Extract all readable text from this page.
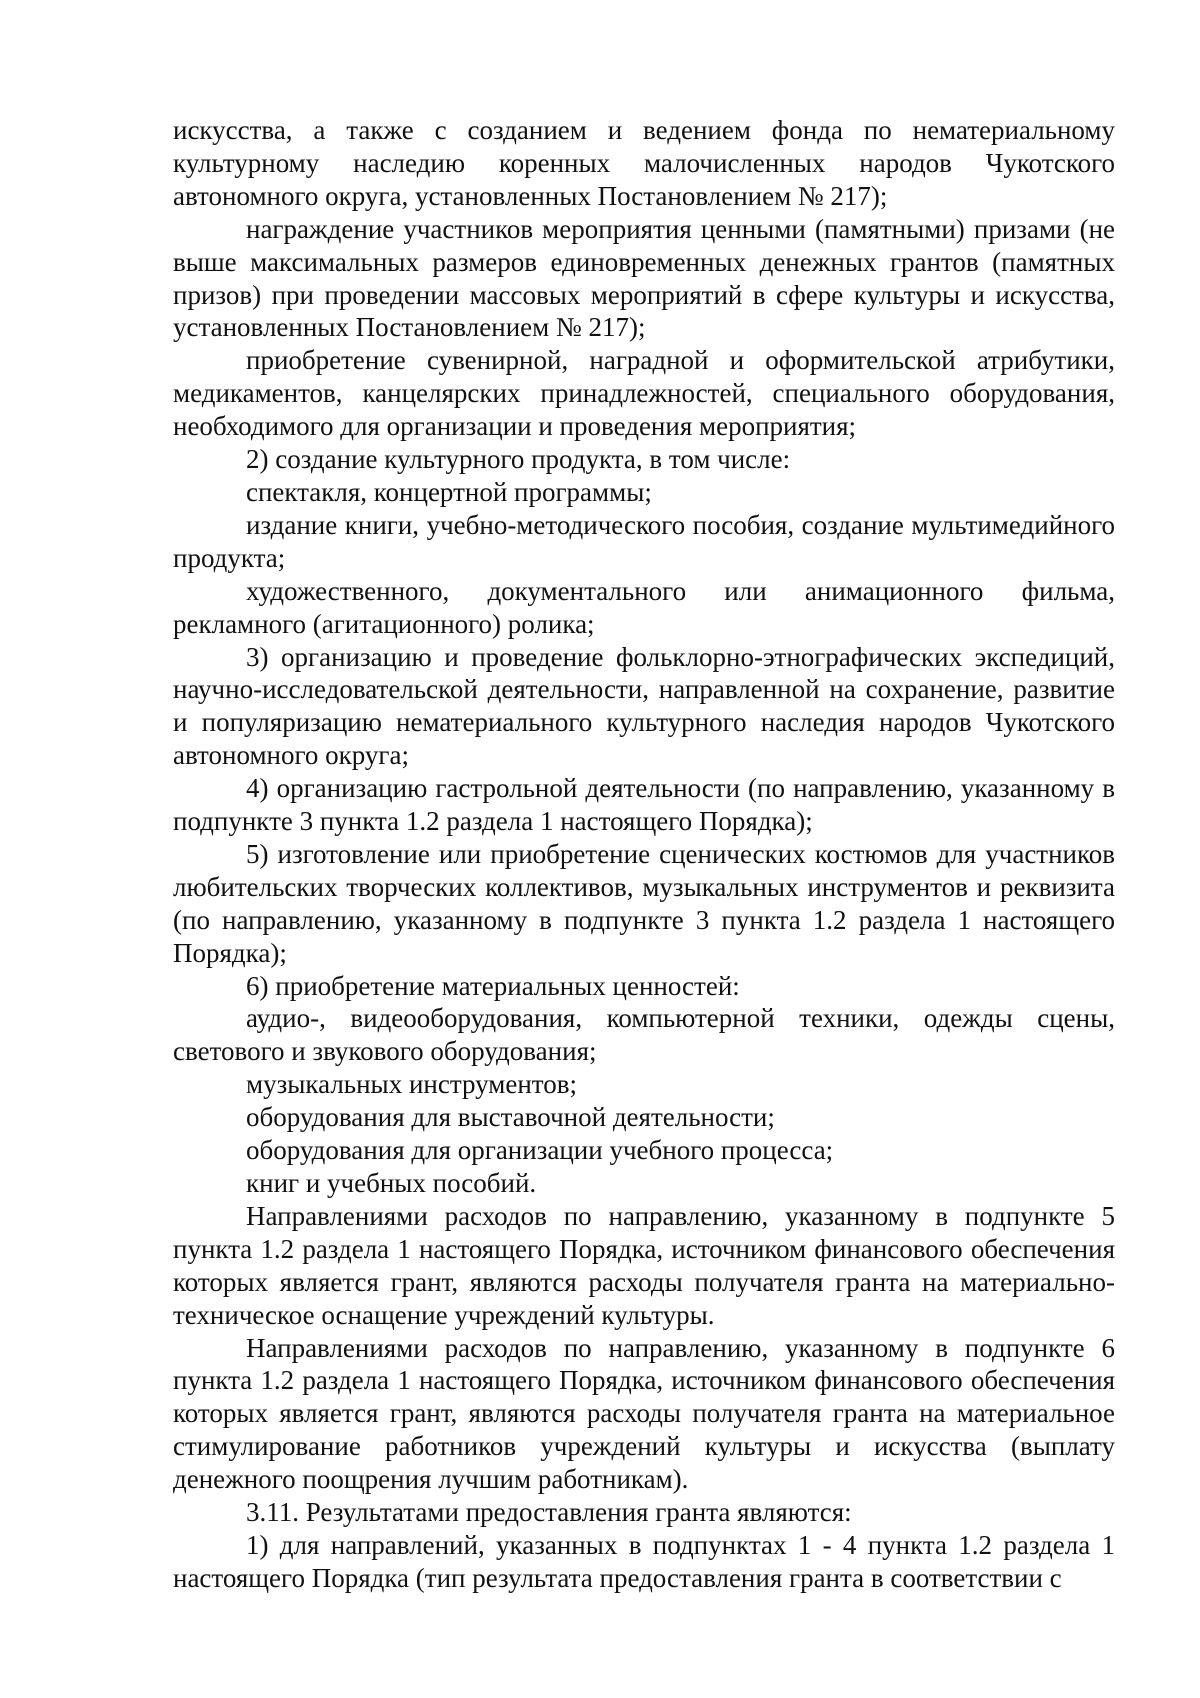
искусства, а также с созданием и ведением фонда по нематериальному культурному наследию коренных малочисленных народов Чукотского автономного округа, установленных Постановлением № 217);

награждение участников мероприятия ценными (памятными) призами (не выше максимальных размеров единовременных денежных грантов (памятных призов) при проведении массовых мероприятий в сфере культуры и искусства, установленных Постановлением № 217);

приобретение сувенирной, наградной и оформительской атрибутики, медикаментов, канцелярских принадлежностей, специального оборудования, необходимого для организации и проведения мероприятия;

2) создание культурного продукта, в том числе:

спектакля, концертной программы;

издание книги, учебно-методического пособия, создание мультимедийного продукта;

художественного, документального или анимационного фильма, рекламного (агитационного) ролика;

3) организацию и проведение фольклорно-этнографических экспедиций, научно-исследовательской деятельности, направленной на сохранение, развитие и популяризацию нематериального культурного наследия народов Чукотского автономного округа;

4) организацию гастрольной деятельности (по направлению, указанному в подпункте 3 пункта 1.2 раздела 1 настоящего Порядка);

5) изготовление или приобретение сценических костюмов для участников любительских творческих коллективов, музыкальных инструментов и реквизита (по направлению, указанному в подпункте 3 пункта 1.2 раздела 1 настоящего Порядка);

6) приобретение материальных ценностей:

аудио-, видеооборудования, компьютерной техники, одежды сцены, светового и звукового оборудования;

музыкальных инструментов;

оборудования для выставочной деятельности;

оборудования для организации учебного процесса;

книг и учебных пособий.

Направлениями расходов по направлению, указанному в подпункте 5 пункта 1.2 раздела 1 настоящего Порядка, источником финансового обеспечения которых является грант, являются расходы получателя гранта на материально-техническое оснащение учреждений культуры.

Направлениями расходов по направлению, указанному в подпункте 6 пункта 1.2 раздела 1 настоящего Порядка, источником финансового обеспечения которых является грант, являются расходы получателя гранта на материальное стимулирование работников учреждений культуры и искусства (выплату денежного поощрения лучшим работникам).

3.11. Результатами предоставления гранта являются:

1) для направлений, указанных в подпунктах 1 - 4 пункта 1.2 раздела 1 настоящего Порядка (тип результата предоставления гранта в соответствии с
